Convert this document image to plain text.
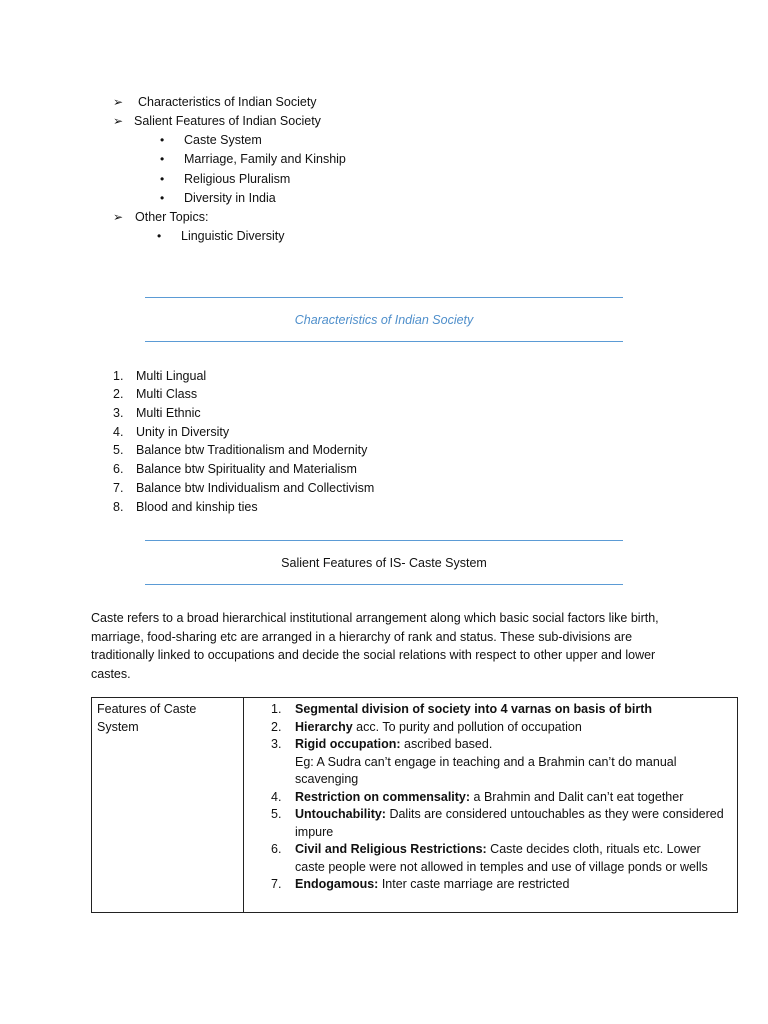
➢ Characteristics of Indian Society
➢ Salient Features of Indian Society
• Caste System
• Marriage, Family and Kinship
• Religious Pluralism
• Diversity in India
➢ Other Topics:
• Linguistic Diversity
Characteristics of Indian Society
1. Multi Lingual
2. Multi Class
3. Multi Ethnic
4. Unity in Diversity
5. Balance btw Traditionalism and Modernity
6. Balance btw Spirituality and Materialism
7. Balance btw Individualism and Collectivism
8. Blood and kinship ties
Salient Features of IS- Caste System
Caste refers to a broad hierarchical institutional arrangement along which basic social factors like birth, marriage, food-sharing etc are arranged in a hierarchy of rank and status. These sub-divisions are traditionally linked to occupations and decide the social relations with respect to other upper and lower castes.
Features of Caste System
1. Segmental division of society into 4 varnas on basis of birth
2. Hierarchy acc. To purity and pollution of occupation
3. Rigid occupation: ascribed based.
Eg: A Sudra can’t engage in teaching and a Brahmin can’t do manual scavenging
4. Restriction on commensality: a Brahmin and Dalit can’t eat together
5. Untouchability: Dalits are considered untouchables as they were considered impure
6. Civil and Religious Restrictions: Caste decides cloth, rituals etc. Lower caste people were not allowed in temples and use of village ponds or wells
7. Endogamous: Inter caste marriage are restricted
